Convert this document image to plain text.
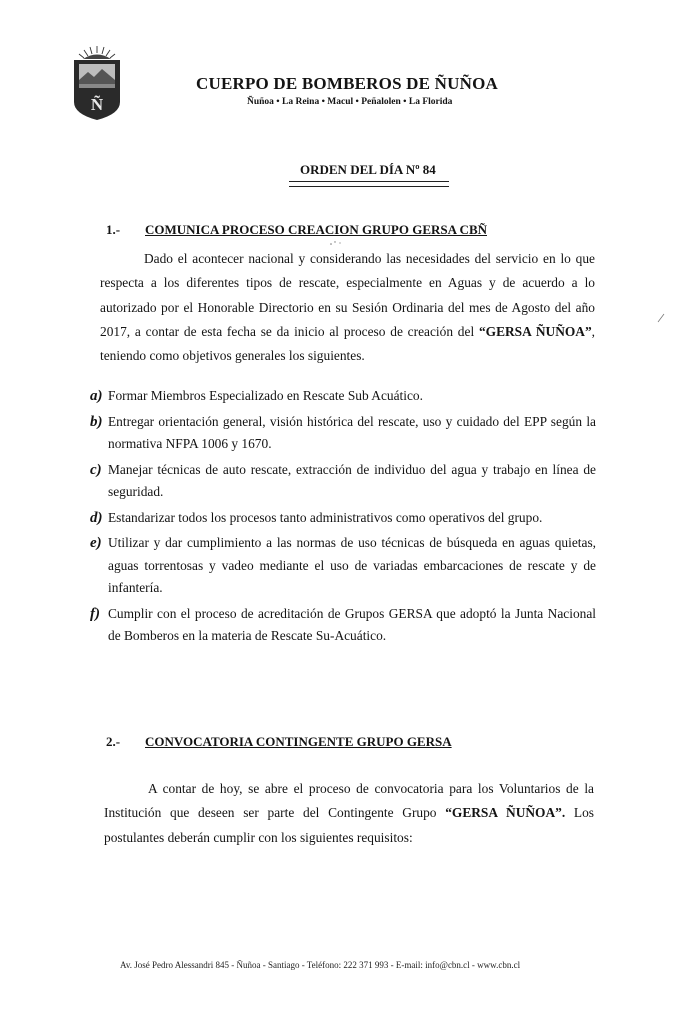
Ñ
CUERPO DE BOMBEROS DE ÑUÑOA
Ñuñoa • La Reina • Macul • Peñalolen • La Florida
ORDEN DEL DÍA Nº 84
1.- COMUNICA PROCESO CREACION GRUPO GERSA CBÑ
Dado el acontecer nacional y considerando las necesidades del servicio en lo que respecta a los diferentes tipos de rescate, especialmente en Aguas y de acuerdo a lo autorizado por el Honorable Directorio en su Sesión Ordinaria del mes de Agosto del año 2017, a contar de esta fecha se da inicio al proceso de creación del “GERSA ÑUÑOA”, teniendo como objetivos generales los siguientes.
a) Formar Miembros Especializado en Rescate Sub Acuático.
b) Entregar orientación general, visión histórica del rescate, uso y cuidado del EPP según la normativa NFPA 1006 y 1670.
c) Manejar técnicas de auto rescate, extracción de individuo del agua y trabajo en línea de seguridad.
d) Estandarizar todos los procesos tanto administrativos como operativos del grupo.
e) Utilizar y dar cumplimiento a las normas de uso técnicas de búsqueda en aguas quietas, aguas torrentosas y vadeo mediante el uso de variadas embarcaciones de rescate y de infantería.
f) Cumplir con el proceso de acreditación de Grupos GERSA que adoptó la Junta Nacional de Bomberos en la materia de Rescate Su-Acuático.
2.- CONVOCATORIA CONTINGENTE GRUPO GERSA
A contar de hoy, se abre el proceso de convocatoria para los Voluntarios de la Institución que deseen ser parte del Contingente Grupo “GERSA ÑUÑOA”. Los postulantes deberán cumplir con los siguientes requisitos:
Av. José Pedro Alessandri 845 - Ñuñoa - Santiago - Teléfono: 222 371 993 - E-mail: info@cbn.cl - www.cbn.cl
